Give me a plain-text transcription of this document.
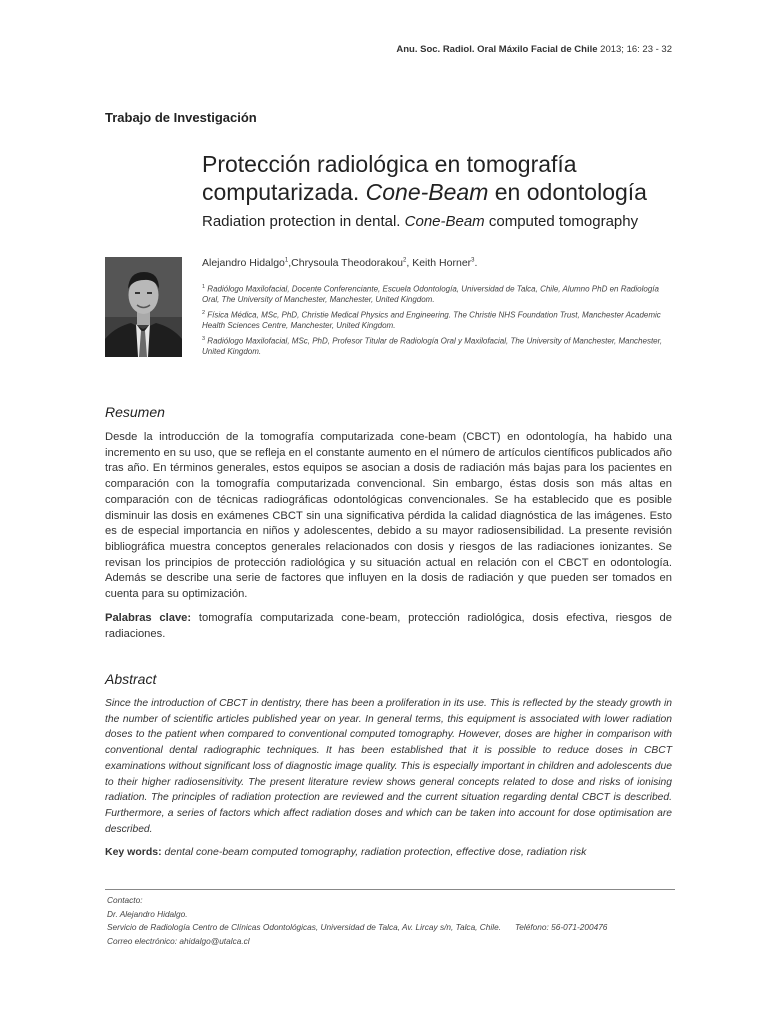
Anu. Soc. Radiol. Oral Máxilo Facial de Chile 2013; 16: 23 - 32
Trabajo de Investigación
Protección radiológica en tomografía
computarizada. Cone-Beam en odontología
Radiation protection in dental. Cone-Beam computed tomography
Alejandro Hidalgo$^1$,Chrysoula Theodorakou$^2$, Keith Horner$^3$.

$^1$ Radiólogo Maxilofacial, Docente Conferenciante, Escuela Odontología, Universidad de Talca, Chile, Alumno PhD en Radiología Oral, The University of Manchester, Manchester, United Kingdom.

$^2$ Física Médica, MSc, PhD, Christie Medical Physics and Engineering. The Christie NHS Foundation Trust, Manchester Academic Health Sciences Centre, Manchester, United Kingdom.

$^3$ Radiólogo Maxilofacial, MSc, PhD, Profesor Titular de Radiología Oral y Maxilofacial, The University of Manchester, Manchester, United Kingdom.

Resumen

Desde la introducción de la tomografía computarizada cone-beam (CBCT) en odontología, ha habido una incremento en su uso, que se refleja en el constante aumento en el número de artículos científicos publicados año tras año. En términos generales, estos equipos se asocian a dosis de radiación más bajas para los pacientes en comparación con la tomografía computarizada convencional. Sin embargo, éstas dosis son más altas en comparación con de técnicas radiográficas odontológicas convencionales. Se ha establecido que es posible disminuir las dosis en exámenes CBCT sin una significativa pérdida la calidad diagnóstica de las imágenes. Esto es de especial importancia en niños y adolescentes, debido a su mayor radiosensibilidad. La presente revisión bibliográfica muestra conceptos generales relacionados con dosis y riesgos de las radiaciones ionizantes. Se revisan los principios de protección radiológica y su situación actual en relación con el CBCT en odontología. Además se describe una serie de factores que influyen en la dosis de radiación y que pueden ser tomados en cuenta para su optimización.

Palabras clave: tomografía computarizada cone-beam, protección radiológica, dosis efectiva, riesgos de radiaciones.

Abstract

Since the introduction of CBCT in dentistry, there has been a proliferation in its use. This is reflected by the steady growth in the number of scientific articles published year on year. In general terms, this equipment is associated with lower radiation doses to the patient when compared to conventional computed tomography. However, doses are higher in comparison with conventional dental radiographic techniques. It has been established that it is possible to reduce doses in CBCT examinations without significant loss of diagnostic image quality. This is especially important in children and adolescents due to their higher radiosensitivity. The present literature review shows general concepts related to dose and risks of ionising radiation. The principles of radiation protection are reviewed and the current situation regarding dental CBCT is described. Furthermore, a series of factors which affect radiation doses and which can be taken into account for dose optimisation are described.

Key words: dental cone-beam computed tomography, radiation protection, effective dose, radiation risk

Contacto:
Dr. Alejandro Hidalgo.
Servicio de Radiología Centro de Clínicas Odontológicas, Universidad de Talca, Av. Lircay s/n, Talca, Chile. Teléfono: 56-071-200476
Correo electrónico: ahidalgo@utalca.cl
